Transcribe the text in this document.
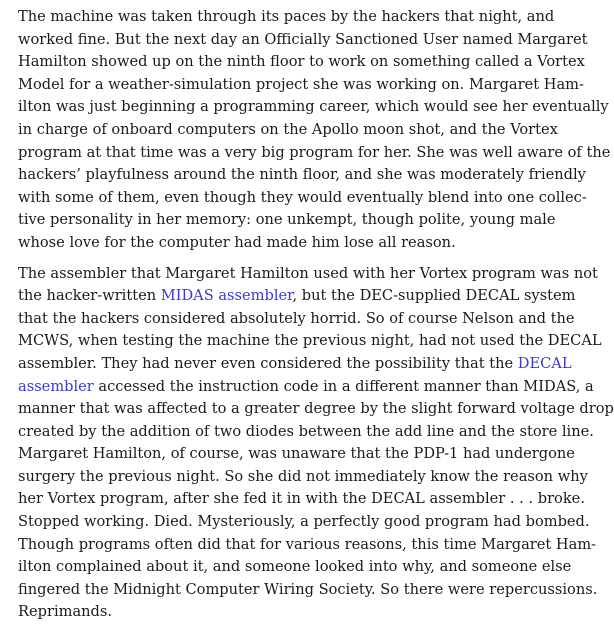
The machine was taken through its paces by the hackers that night, and
worked fine. But the next day an Officially Sanctioned User named Margaret
Hamilton showed up on the ninth floor to work on something called a Vortex
Model for a weather-simulation project she was working on. Margaret Ham-
ilton was just beginning a programming career, which would see her eventually
in charge of onboard computers on the Apollo moon shot, and the Vortex
program at that time was a very big program for her. She was well aware of the
hackers’ playfulness around the ninth floor, and she was moderately friendly
with some of them, even though they would eventually blend into one collec-
tive personality in her memory: one unkempt, though polite, young male
whose love for the computer had made him lose all reason.
The assembler that Margaret Hamilton used with her Vortex program was not
the hacker-written MIDAS assembler, but the DEC-supplied DECAL system
that the hackers considered absolutely horrid. So of course Nelson and the
MCWS, when testing the machine the previous night, had not used the DECAL
assembler. They had never even considered the possibility that the DECAL
assembler accessed the instruction code in a different manner than MIDAS, a
manner that was affected to a greater degree by the slight forward voltage drop
created by the addition of two diodes between the add line and the store line.
Margaret Hamilton, of course, was unaware that the PDP-1 had undergone
surgery the previous night. So she did not immediately know the reason why
her Vortex program, after she fed it in with the DECAL assembler . . . broke.
Stopped working. Died. Mysteriously, a perfectly good program had bombed.
Though programs often did that for various reasons, this time Margaret Ham-
ilton complained about it, and someone looked into why, and someone else
fingered the Midnight Computer Wiring Society. So there were repercussions.
Reprimands.
